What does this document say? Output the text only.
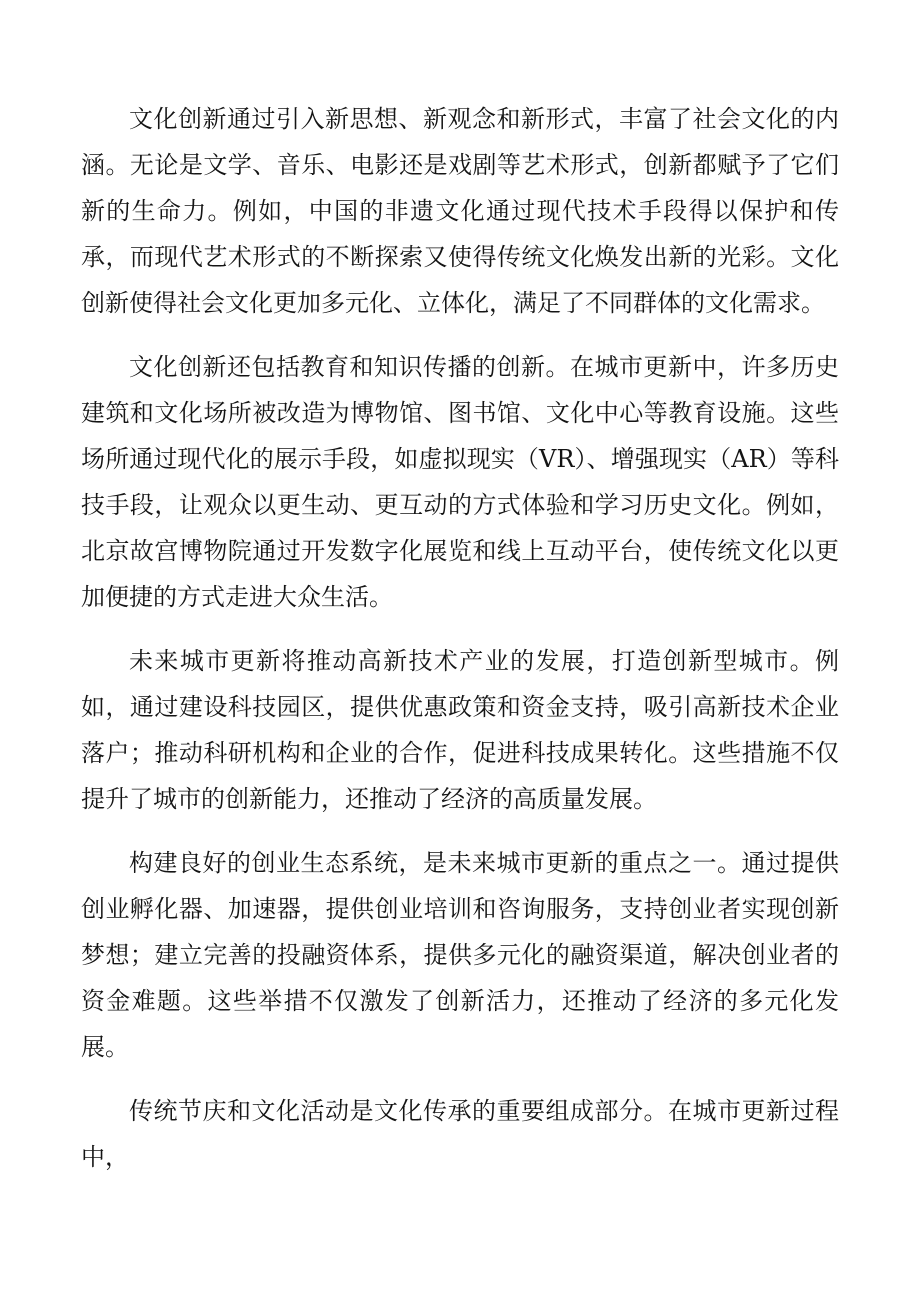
文化创新通过引入新思想、新观念和新形式，丰富了社会文化的内涵。无论是文学、音乐、电影还是戏剧等艺术形式，创新都赋予了它们新的生命力。例如，中国的非遗文化通过现代技术手段得以保护和传承，而现代艺术形式的不断探索又使得传统文化焕发出新的光彩。文化创新使得社会文化更加多元化、立体化，满足了不同群体的文化需求。

文化创新还包括教育和知识传播的创新。在城市更新中，许多历史建筑和文化场所被改造为博物馆、图书馆、文化中心等教育设施。这些场所通过现代化的展示手段，如虚拟现实（VR）、增强现实（AR）等科技手段，让观众以更生动、更互动的方式体验和学习历史文化。例如，北京故宫博物院通过开发数字化展览和线上互动平台，使传统文化以更加便捷的方式走进大众生活。

未来城市更新将推动高新技术产业的发展，打造创新型城市。例如，通过建设科技园区，提供优惠政策和资金支持，吸引高新技术企业落户；推动科研机构和企业的合作，促进科技成果转化。这些措施不仅提升了城市的创新能力，还推动了经济的高质量发展。

构建良好的创业生态系统，是未来城市更新的重点之一。通过提供创业孵化器、加速器，提供创业培训和咨询服务，支持创业者实现创新梦想；建立完善的投融资体系，提供多元化的融资渠道，解决创业者的资金难题。这些举措不仅激发了创新活力，还推动了经济的多元化发展。

传统节庆和文化活动是文化传承的重要组成部分。在城市更新过程中，
